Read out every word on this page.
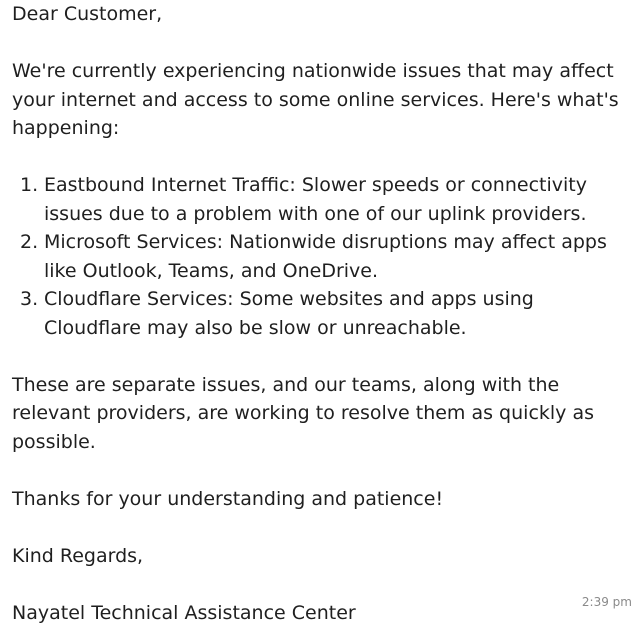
Dear Customer,

We're currently experiencing nationwide issues that may affect your internet and access to some online services. Here's what's happening:

1. Eastbound Internet Traffic: Slower speeds or connectivity issues due to a problem with one of our uplink providers.
2. Microsoft Services: Nationwide disruptions may affect apps like Outlook, Teams, and OneDrive.
3. Cloudflare Services: Some websites and apps using Cloudflare may also be slow or unreachable.

These are separate issues, and our teams, along with the relevant providers, are working to resolve them as quickly as possible.

Thanks for your understanding and patience!

Kind Regards,

Nayatel Technical Assistance Center	2:39 pm
